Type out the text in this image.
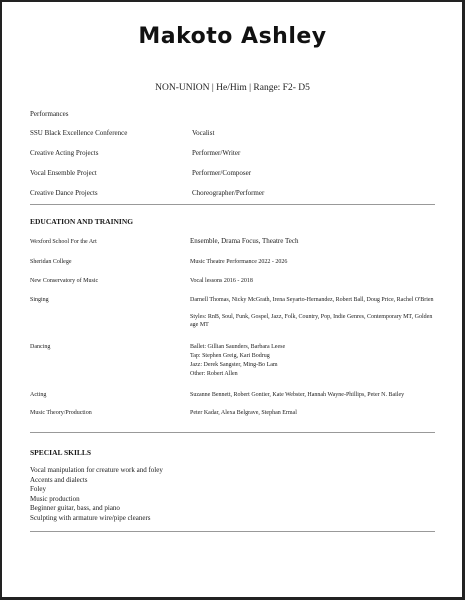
Makoto Ashley
NON-UNION | He/Him | Range: F2- D5
Performances
SSU Black Excellence Conference	Vocalist
Creative Acting Projects	Performer/Writer
Vocal Ensemble Project	Performer/Composer
Creative Dance Projects	Choreographer/Performer
EDUCATION AND TRAINING
Wexford School For the Art	Ensemble, Drama Focus, Theatre Tech
Sheridan College	Music Theatre Performance 2022 - 2026
New Conservatory of Music	Vocal lessons 2016 - 2018
Singing	Darnell Thomas, Nicky McGrath, Irena Seyarto-Hernandez, Robert Ball, Doug Price, Rachel O'Brien
Styles: RnB, Soul, Funk, Gospel, Jazz, Folk, Country, Pop, Indie Genres, Contemporary MT, Golden age MT
Dancing	Ballet: Gillian Saunders, Barbara Leese
Tap: Stephen Greig, Kari Bodrug
Jazz: Derek Sangster, Ming-Bo Lam
Other: Robert Allen
Acting	Suzanne Bennett, Robert Gontier, Kate Webster, Hannah Wayne-Phillips, Peter N. Bailey
Music Theory/Production	Peter Kadar, Alexa Belgrave, Stephan Ermal
SPECIAL SKILLS
Vocal manipulation for creature work and foley
Accents and dialects
Foley
Music production
Beginner guitar, bass, and piano
Sculpting with armature wire/pipe cleaners
